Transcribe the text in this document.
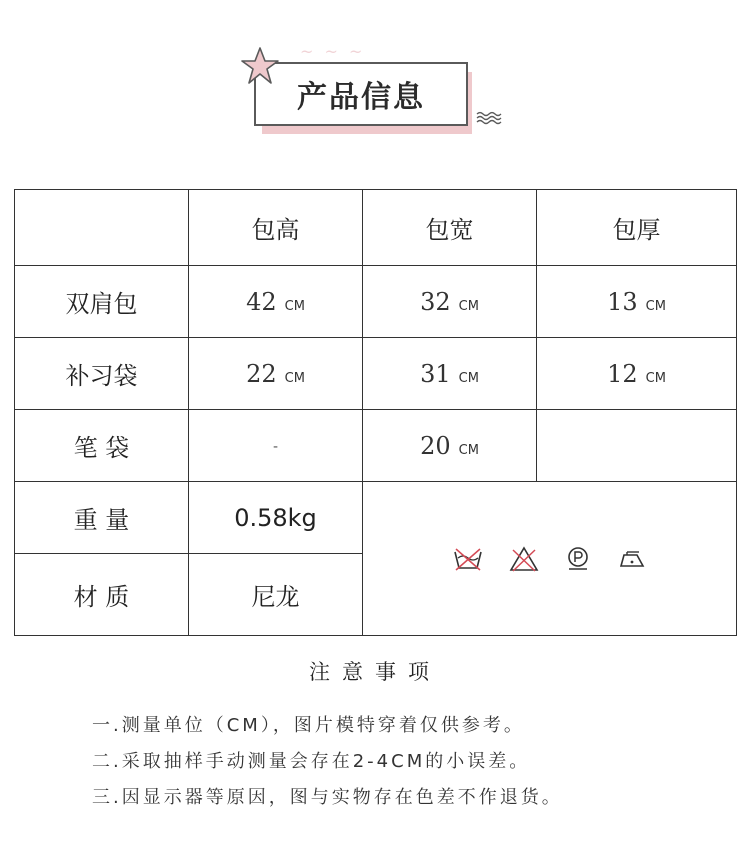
~ ~ ~
产品信息
	包高	包宽	包厚
双肩包	42 CM	32 CM	13 CM
补习袋	22 CM	31 CM	12 CM
笔 袋	-	20 CM	
重 量	0.58kg	

材 质	尼龙		
注意事项
一.测量单位（CM），图片模特穿着仅供参考。
二.采取抽样手动测量会存在2-4CM的小误差。
三.因显示器等原因，图与实物存在色差不作退货。
